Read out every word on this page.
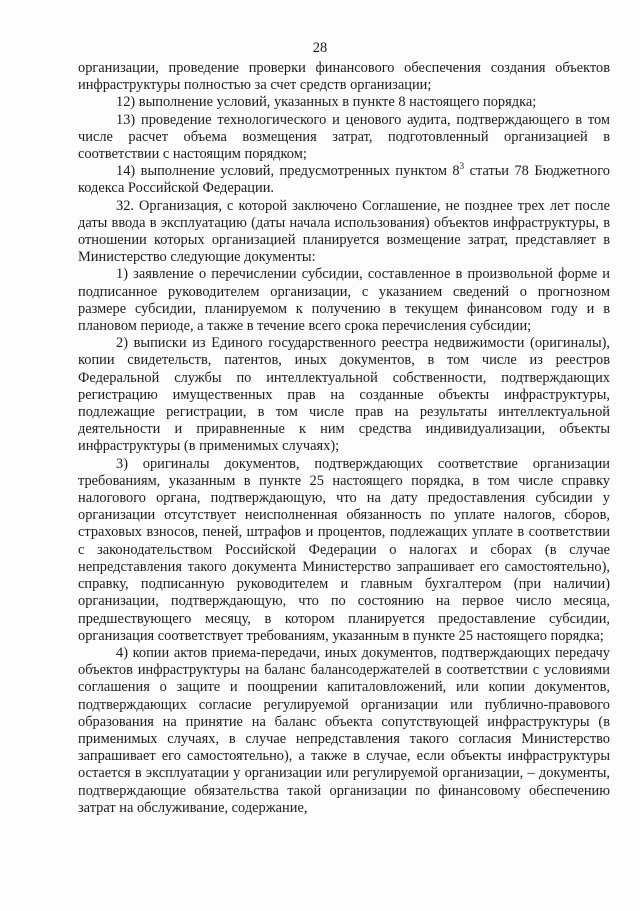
28

организации, проведение проверки финансового обеспечения создания объектов инфраструктуры полностью за счет средств организации;

12) выполнение условий, указанных в пункте 8 настоящего порядка;

13) проведение технологического и ценового аудита, подтверждающего в том числе расчет объема возмещения затрат, подготовленный организацией в соответствии с настоящим порядком;

14) выполнение условий, предусмотренных пунктом $8^3$ статьи 78 Бюджетного кодекса Российской Федерации.

32. Организация, с которой заключено Соглашение, не позднее трех лет после даты ввода в эксплуатацию (даты начала использования) объектов инфраструктуры, в отношении которых организацией планируется возмещение затрат, представляет в Министерство следующие документы:

1) заявление о перечислении субсидии, составленное в произвольной форме и подписанное руководителем организации, с указанием сведений о прогнозном размере субсидии, планируемом к получению в текущем финансовом году и в плановом периоде, а также в течение всего срока перечисления субсидии;

2) выписки из Единого государственного реестра недвижимости (оригиналы), копии свидетельств, патентов, иных документов, в том числе из реестров Федеральной службы по интеллектуальной собственности, подтверждающих регистрацию имущественных прав на созданные объекты инфраструктуры, подлежащие регистрации, в том числе прав на результаты интеллектуальной деятельности и приравненные к ним средства индивидуализации, объекты инфраструктуры (в применимых случаях);

3) оригиналы документов, подтверждающих соответствие организации требованиям, указанным в пункте 25 настоящего порядка, в том числе справку налогового органа, подтверждающую, что на дату предоставления субсидии у организации отсутствует неисполненная обязанность по уплате налогов, сборов, страховых взносов, пеней, штрафов и процентов, подлежащих уплате в соответствии с законодательством Российской Федерации о налогах и сборах (в случае непредставления такого документа Министерство запрашивает его самостоятельно), справку, подписанную руководителем и главным бухгалтером (при наличии) организации, подтверждающую, что по состоянию на первое число месяца, предшествующего месяцу, в котором планируется предоставление субсидии, организация соответствует требованиям, указанным в пункте 25 настоящего порядка;

4) копии актов приема-передачи, иных документов, подтверждающих передачу объектов инфраструктуры на баланс балансодержателей в соответствии с условиями соглашения о защите и поощрении капиталовложений, или копии документов, подтверждающих согласие регулируемой организации или публично-правового образования на принятие на баланс объекта сопутствующей инфраструктуры (в применимых случаях, в случае непредставления такого согласия Министерство запрашивает его самостоятельно), а также в случае, если объекты инфраструктуры остается в эксплуатации у организации или регулируемой организации, – документы, подтверждающие обязательства такой организации по финансовому обеспечению затрат на обслуживание, содержание,
